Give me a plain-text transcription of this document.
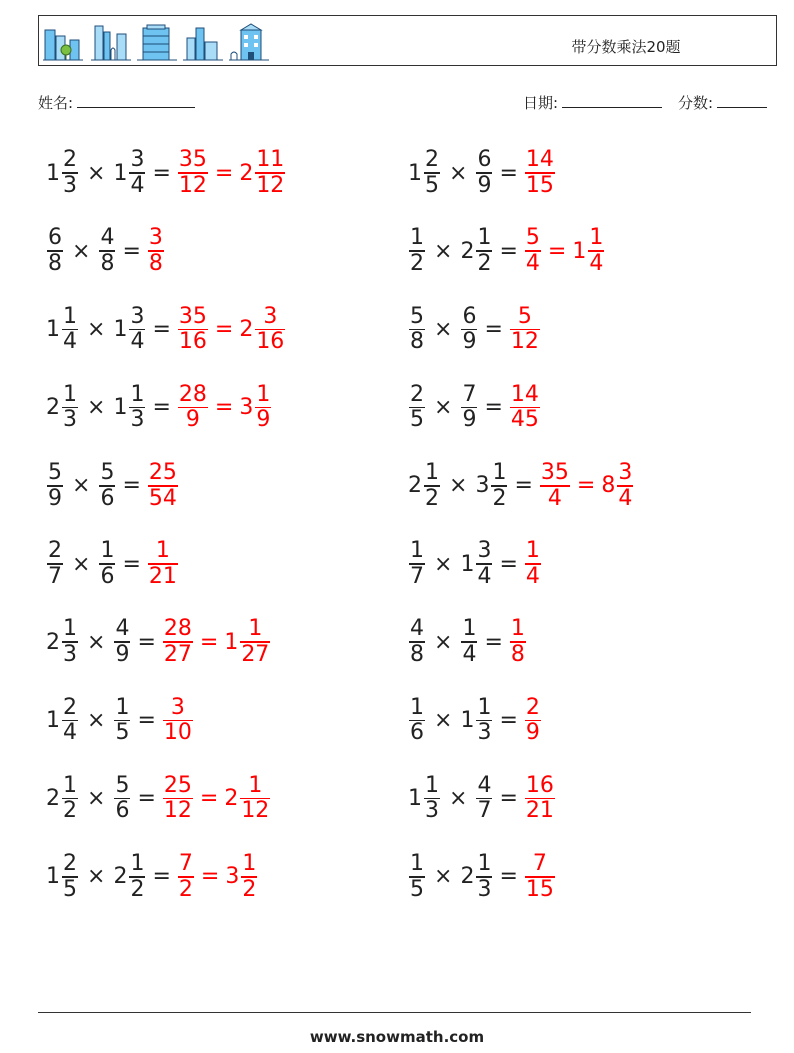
带分数乘法20题
姓名:	日期:	分数:
$1 \frac{2}{3} \times 1 \frac{3}{4} = \frac{35}{12} = 2 \frac{11}{12}$	$1 \frac{2}{5} \times \frac{6}{9} = \frac{14}{15}$
$\frac{6}{8} \times \frac{4}{8} = \frac{3}{8}$	$\frac{1}{2} \times 2 \frac{1}{2} = \frac{5}{4} = 1 \frac{1}{4}$
$1 \frac{1}{4} \times 1 \frac{3}{4} = \frac{35}{16} = 2 \frac{3}{16}$	$\frac{5}{8} \times \frac{6}{9} = \frac{5}{12}$
$2 \frac{1}{3} \times 1 \frac{1}{3} = \frac{28}{9} = 3 \frac{1}{9}$	$\frac{2}{5} \times \frac{7}{9} = \frac{14}{45}$
$\frac{5}{9} \times \frac{5}{6} = \frac{25}{54}$	$2 \frac{1}{2} \times 3 \frac{1}{2} = \frac{35}{4} = 8 \frac{3}{4}$
$\frac{2}{7} \times \frac{1}{6} = \frac{1}{21}$	$\frac{1}{7} \times 1 \frac{3}{4} = \frac{1}{4}$
$2 \frac{1}{3} \times \frac{4}{9} = \frac{28}{27} = 1 \frac{1}{27}$	$\frac{4}{8} \times \frac{1}{4} = \frac{1}{8}$
$1 \frac{2}{4} \times \frac{1}{5} = \frac{3}{10}$	$\frac{1}{6} \times 1 \frac{1}{3} = \frac{2}{9}$
$2 \frac{1}{2} \times \frac{5}{6} = \frac{25}{12} = 2 \frac{1}{12}$	$1 \frac{1}{3} \times \frac{4}{7} = \frac{16}{21}$
$1 \frac{2}{5} \times 2 \frac{1}{2} = \frac{7}{2} = 3 \frac{1}{2}$	$\frac{1}{5} \times 2 \frac{1}{3} = \frac{7}{15}$
www.snowmath.com
